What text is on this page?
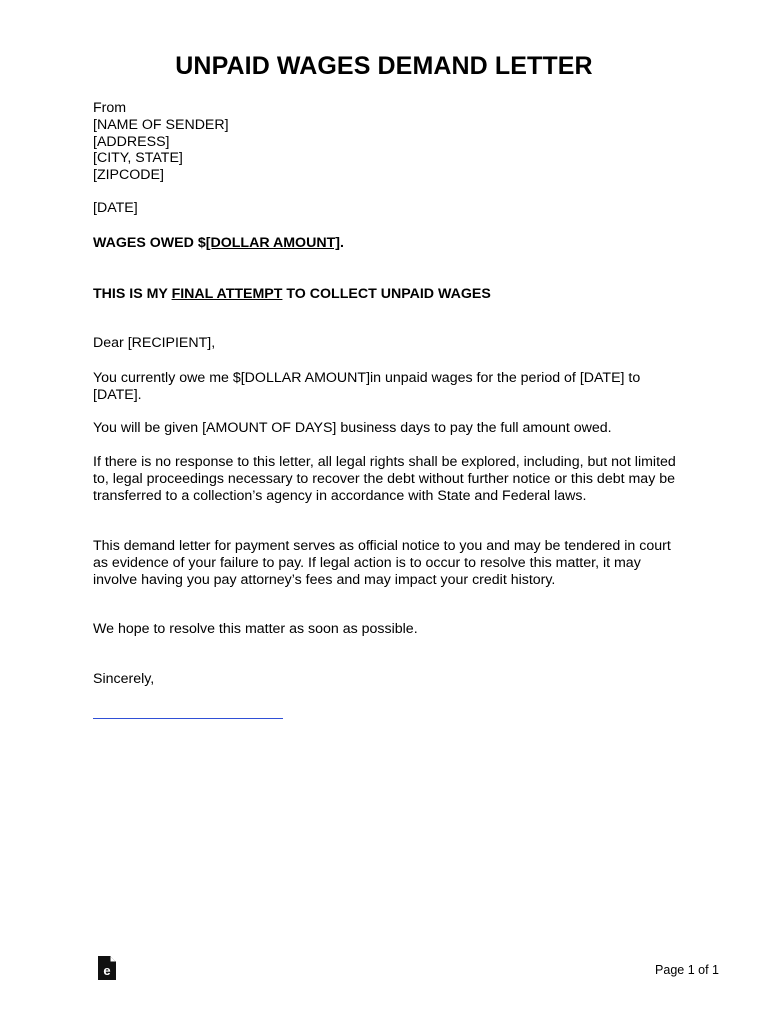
UNPAID WAGES DEMAND LETTER
From
[NAME OF SENDER]
[ADDRESS]
[CITY, STATE]
[ZIPCODE]
[DATE]
WAGES OWED $[DOLLAR AMOUNT].
THIS IS MY FINAL ATTEMPT TO COLLECT UNPAID WAGES
Dear [RECIPIENT],
You currently owe me $[DOLLAR AMOUNT]in unpaid wages for the period of [DATE] to [DATE].
You will be given [AMOUNT OF DAYS] business days to pay the full amount owed.
If there is no response to this letter, all legal rights shall be explored, including, but not limited to, legal proceedings necessary to recover the debt without further notice or this debt may be transferred to a collection’s agency in accordance with State and Federal laws.
This demand letter for payment serves as official notice to you and may be tendered in court as evidence of your failure to pay. If legal action is to occur to resolve this matter, it may involve having you pay attorney’s fees and may impact your credit history.
We hope to resolve this matter as soon as possible.
Sincerely,
e	Page 1 of 1
